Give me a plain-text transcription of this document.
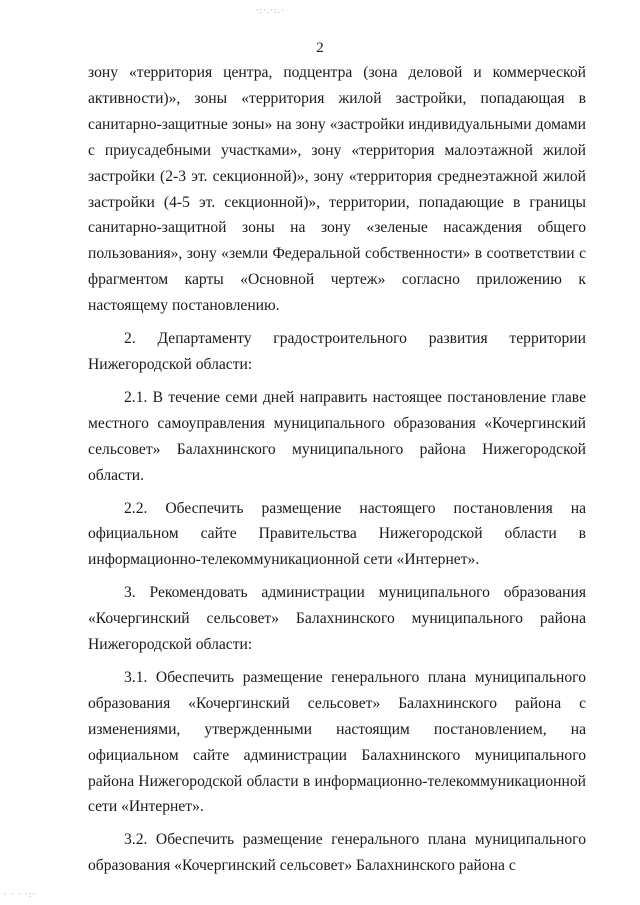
·:·.·:.·
2

зону «территория центра, подцентра (зона деловой и коммерческой активности)», зоны «территория жилой застройки, попадающая в санитарно-защитные зоны» на зону «застройки индивидуальными домами с приусадебными участками», зону «территория малоэтажной жилой застройки (2-3 эт. секционной)», зону «территория среднеэтажной жилой застройки (4-5 эт. секционной)», территории, попадающие в границы санитарно-защитной зоны на зону «зеленые насаждения общего пользования», зону «земли Федеральной собственности» в соответствии с фрагментом карты «Основной чертеж» согласно приложению к настоящему постановлению.

2. Департаменту градостроительного развития территории Нижегородской области:

2.1. В течение семи дней направить настоящее постановление главе местного самоуправления муниципального образования «Кочергинский сельсовет» Балахнинского муниципального района Нижегородской области.

2.2. Обеспечить размещение настоящего постановления на официальном сайте Правительства Нижегородской области в информационно-телекоммуникационной сети «Интернет».

3. Рекомендовать администрации муниципального образования «Кочергинский сельсовет» Балахнинского муниципального района Нижегородской области:

3.1. Обеспечить размещение генерального плана муниципального образования «Кочергинский сельсовет» Балахнинского района с изменениями, утвержденными настоящим постановлением, на официальном сайте администрации Балахнинского муниципального района Нижегородской области в информационно-телекоммуникационной сети «Интернет».

3.2. Обеспечить размещение генерального плана муниципального образования «Кочергинский сельсовет» Балахнинского района с

· · · ·:·
